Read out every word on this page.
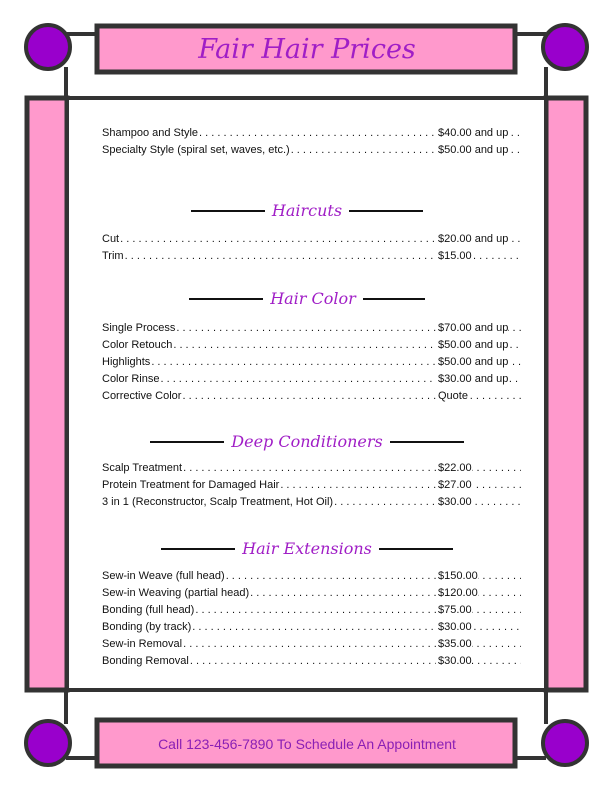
Fair Hair Prices
Call 123-456-7890 To Schedule An Appointment
Shampoo and Style . . .	$40.00 and up
Specialty Style (spiral set, waves, etc.) . . .	$50.00 and up
Haircuts
Cut . . .	$20.00 and up
Trim . . .	$15.00
Hair Color
Single Process . . .	$70.00 and up
Color Retouch . . .	$50.00 and up
Highlights . . .	$50.00 and up
Color Rinse . . .	$30.00 and up
Corrective Color . . .	Quote
Deep Conditioners
Scalp Treatment . . .	$22.00
Protein Treatment for Damaged Hair . . .	$27.00
3 in 1 (Reconstructor, Scalp Treatment, Hot Oil) . . .	$30.00
Hair Extensions
Sew-in Weave (full head) . . .	$150.00
Sew-in Weaving (partial head) . . .	$120.00
Bonding (full head) . . .	$75.00
Bonding (by track) . . .	$30.00
Sew-in Removal . . .	$35.00
Bonding Removal . . .	$30.00
